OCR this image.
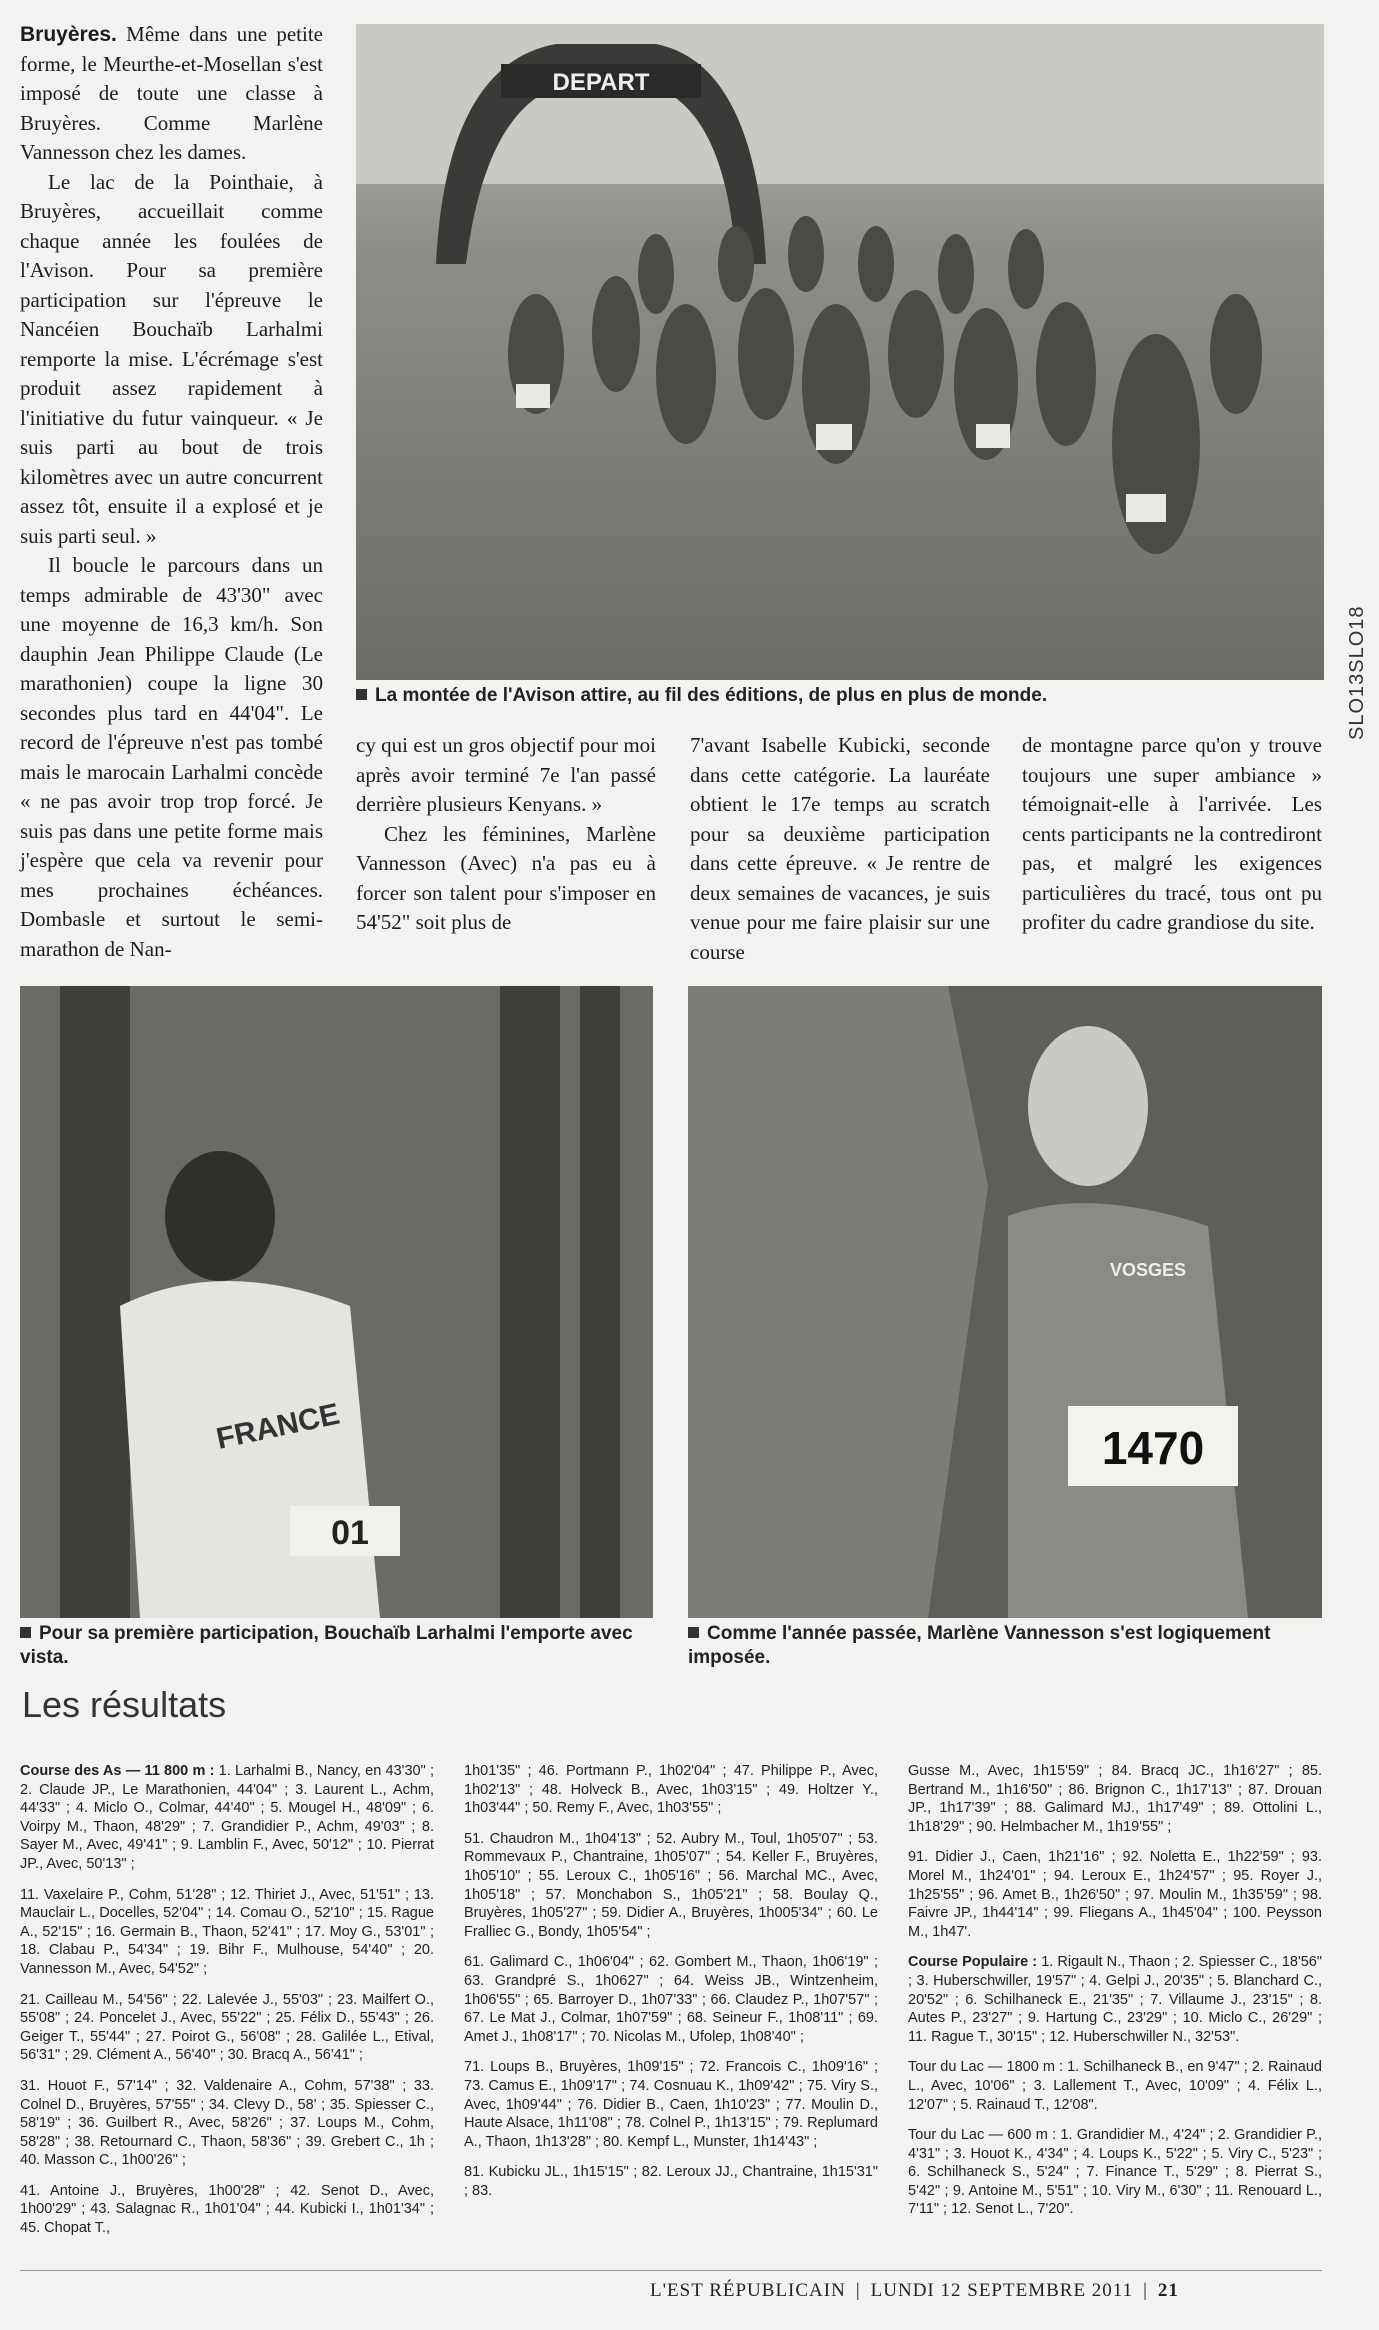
Bruyères. Même dans une petite forme, le Meurthe-et-Mosellan s'est imposé de toute une classe à Bruyères. Comme Marlène Vannesson chez les dames.

Le lac de la Pointhaie, à Bruyères, accueillait comme chaque année les foulées de l'Avison. Pour sa première participation sur l'épreuve le Nancéien Bouchaïb Larhalmi remporte la mise. L'écrémage s'est produit assez rapidement à l'initiative du futur vainqueur. « Je suis parti au bout de trois kilomètres avec un autre concurrent assez tôt, ensuite il a explosé et je suis parti seul. »

Il boucle le parcours dans un temps admirable de 43'30" avec une moyenne de 16,3 km/h. Son dauphin Jean Philippe Claude (Le marathonien) coupe la ligne 30 secondes plus tard en 44'04". Le record de l'épreuve n'est pas tombé mais le marocain Larhalmi concède « ne pas avoir trop trop forcé. Je suis pas dans une petite forme mais j'espère que cela va revenir pour mes prochaines échéances. Dombasle et surtout le semi-marathon de Nan-

DEPART
La montée de l'Avison attire, au fil des éditions, de plus en plus de monde.	SLO13SLO18

cy qui est un gros objectif pour moi après avoir terminé 7e l'an passé derrière plusieurs Kenyans. »

Chez les féminines, Marlène Vannesson (Avec) n'a pas eu à forcer son talent pour s'imposer en 54'52" soit plus de

7'avant Isabelle Kubicki, seconde dans cette catégorie. La lauréate obtient le 17e temps au scratch pour sa deuxième participation dans cette épreuve. « Je rentre de deux semaines de vacances, je suis venue pour me faire plaisir sur une course

de montagne parce qu'on y trouve toujours une super ambiance » témoignait-elle à l'arrivée. Les cents participants ne la contrediront pas, et malgré les exigences particulières du tracé, tous ont pu profiter du cadre grandiose du site.

FRANCE
01
Pour sa première participation, Bouchaïb Larhalmi l'emporte avec vista.
VOSGES
1470
Comme l'année passée, Marlène Vannesson s'est logiquement imposée.
Les résultats

Course des As — 11 800 m : 1. Larhalmi B., Nancy, en 43'30" ; 2. Claude JP., Le Marathonien, 44'04" ; 3. Laurent L., Achm, 44'33" ; 4. Miclo O., Colmar, 44'40" ; 5. Mougel H., 48'09" ; 6. Voirpy M., Thaon, 48'29" ; 7. Grandidier P., Achm, 49'03" ; 8. Sayer M., Avec, 49'41" ; 9. Lamblin F., Avec, 50'12" ; 10. Pierrat JP., Avec, 50'13" ;

11. Vaxelaire P., Cohm, 51'28" ; 12. Thiriet J., Avec, 51'51" ; 13. Mauclair L., Docelles, 52'04" ; 14. Comau O., 52'10" ; 15. Rague A., 52'15" ; 16. Germain B., Thaon, 52'41" ; 17. Moy G., 53'01" ; 18. Clabau P., 54'34" ; 19. Bihr F., Mulhouse, 54'40" ; 20. Vannesson M., Avec, 54'52" ;

21. Cailleau M., 54'56" ; 22. Lalevée J., 55'03" ; 23. Mailfert O., 55'08" ; 24. Poncelet J., Avec, 55'22" ; 25. Félix D., 55'43" ; 26. Geiger T., 55'44" ; 27. Poirot G., 56'08" ; 28. Galilée L., Etival, 56'31" ; 29. Clément A., 56'40" ; 30. Bracq A., 56'41" ;

31. Houot F., 57'14" ; 32. Valdenaire A., Cohm, 57'38" ; 33. Colnel D., Bruyères, 57'55" ; 34. Clevy D., 58' ; 35. Spiesser C., 58'19" ; 36. Guilbert R., Avec, 58'26" ; 37. Loups M., Cohm, 58'28" ; 38. Retournard C., Thaon, 58'36" ; 39. Grebert C., 1h ; 40. Masson C., 1h00'26" ;

41. Antoine J., Bruyères, 1h00'28" ; 42. Senot D., Avec, 1h00'29" ; 43. Salagnac R., 1h01'04" ; 44. Kubicki I., 1h01'34" ; 45. Chopat T.,

1h01'35" ; 46. Portmann P., 1h02'04" ; 47. Philippe P., Avec, 1h02'13" ; 48. Holveck B., Avec, 1h03'15" ; 49. Holtzer Y., 1h03'44" ; 50. Remy F., Avec, 1h03'55" ;

51. Chaudron M., 1h04'13" ; 52. Aubry M., Toul, 1h05'07" ; 53. Rommevaux P., Chantraine, 1h05'07" ; 54. Keller F., Bruyères, 1h05'10" ; 55. Leroux C., 1h05'16" ; 56. Marchal MC., Avec, 1h05'18" ; 57. Monchabon S., 1h05'21" ; 58. Boulay Q., Bruyères, 1h05'27" ; 59. Didier A., Bruyères, 1h005'34" ; 60. Le Fralliec G., Bondy, 1h05'54" ;

61. Galimard C., 1h06'04" ; 62. Gombert M., Thaon, 1h06'19" ; 63. Grandpré S., 1h0627" ; 64. Weiss JB., Wintzenheim, 1h06'55" ; 65. Barroyer D., 1h07'33" ; 66. Claudez P., 1h07'57" ; 67. Le Mat J., Colmar, 1h07'59" ; 68. Seineur F., 1h08'11" ; 69. Amet J., 1h08'17" ; 70. Nicolas M., Ufolep, 1h08'40" ;

71. Loups B., Bruyères, 1h09'15" ; 72. Francois C., 1h09'16" ; 73. Camus E., 1h09'17" ; 74. Cosnuau K., 1h09'42" ; 75. Viry S., Avec, 1h09'44" ; 76. Didier B., Caen, 1h10'23" ; 77. Moulin D., Haute Alsace, 1h11'08" ; 78. Colnel P., 1h13'15" ; 79. Replumard A., Thaon, 1h13'28" ; 80. Kempf L., Munster, 1h14'43" ;

81. Kubicku JL., 1h15'15" ; 82. Leroux JJ., Chantraine, 1h15'31" ; 83.

Gusse M., Avec, 1h15'59" ; 84. Bracq JC., 1h16'27" ; 85. Bertrand M., 1h16'50" ; 86. Brignon C., 1h17'13" ; 87. Drouan JP., 1h17'39" ; 88. Galimard MJ., 1h17'49" ; 89. Ottolini L., 1h18'29" ; 90. Helmbacher M., 1h19'55" ;

91. Didier J., Caen, 1h21'16" ; 92. Noletta E., 1h22'59" ; 93. Morel M., 1h24'01" ; 94. Leroux E., 1h24'57" ; 95. Royer J., 1h25'55" ; 96. Amet B., 1h26'50" ; 97. Moulin M., 1h35'59" ; 98. Faivre JP., 1h44'14" ; 99. Fliegans A., 1h45'04" ; 100. Peysson M., 1h47'.

Course Populaire : 1. Rigault N., Thaon ; 2. Spiesser C., 18'56" ; 3. Huberschwiller, 19'57" ; 4. Gelpi J., 20'35" ; 5. Blanchard C., 20'52" ; 6. Schilhaneck E., 21'35" ; 7. Villaume J., 23'15" ; 8. Autes P., 23'27" ; 9. Hartung C., 23'29" ; 10. Miclo C., 26'29" ; 11. Rague T., 30'15" ; 12. Huberschwiller N., 32'53".

Tour du Lac — 1800 m : 1. Schilhaneck B., en 9'47" ; 2. Rainaud L., Avec, 10'06" ; 3. Lallement T., Avec, 10'09" ; 4. Félix L., 12'07" ; 5. Rainaud T., 12'08".

Tour du Lac — 600 m : 1. Grandidier M., 4'24" ; 2. Grandidier P., 4'31" ; 3. Houot K., 4'34" ; 4. Loups K., 5'22" ; 5. Viry C., 5'23" ; 6. Schilhaneck S., 5'24" ; 7. Finance T., 5'29" ; 8. Pierrat S., 5'42" ; 9. Antoine M., 5'51" ; 10. Viry M., 6'30" ; 11. Renouard L., 7'11" ; 12. Senot L., 7'20".

L'EST RÉPUBLICAIN | LUNDI 12 SEPTEMBRE 2011 | 21
